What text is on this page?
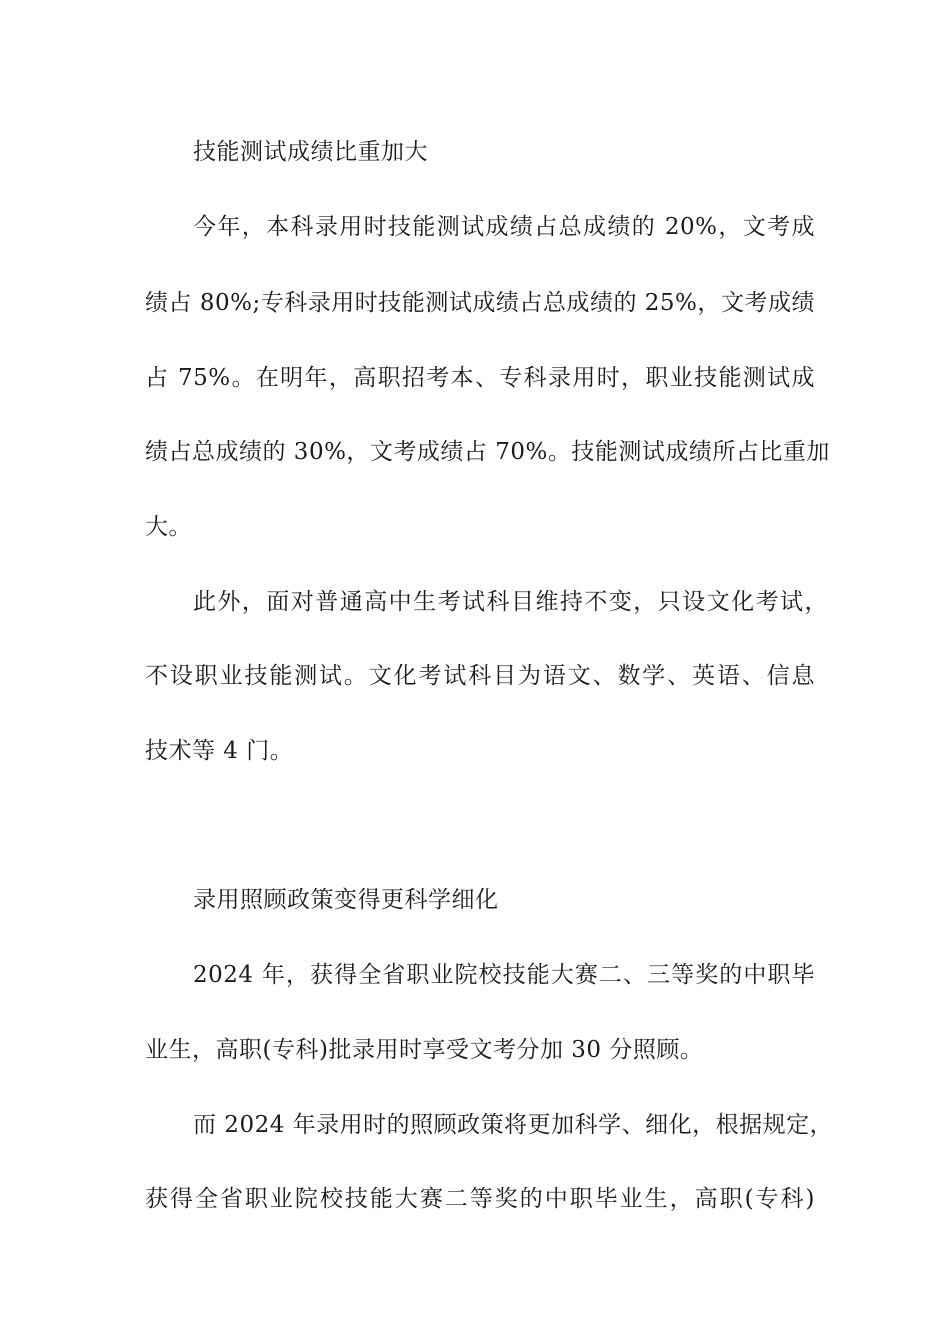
技能测试成绩比重加大
今年，本科录用时技能测试成绩占总成绩的 20%，文考成
绩占 80%;专科录用时技能测试成绩占总成绩的 25%，文考成绩
占 75%。在明年，高职招考本、专科录用时，职业技能测试成
绩占总成绩的 30%，文考成绩占 70%。技能测试成绩所占比重加
大。
此外，面对普通高中生考试科目维持不变，只设文化考试，
不设职业技能测试。文化考试科目为语文、数学、英语、信息
技术等 4 门。
录用照顾政策变得更科学细化
2024 年，获得全省职业院校技能大赛二、三等奖的中职毕
业生，高职(专科)批录用时享受文考分加 30 分照顾。
而 2024 年录用时的照顾政策将更加科学、细化，根据规定，
获得全省职业院校技能大赛二等奖的中职毕业生，高职(专科)
